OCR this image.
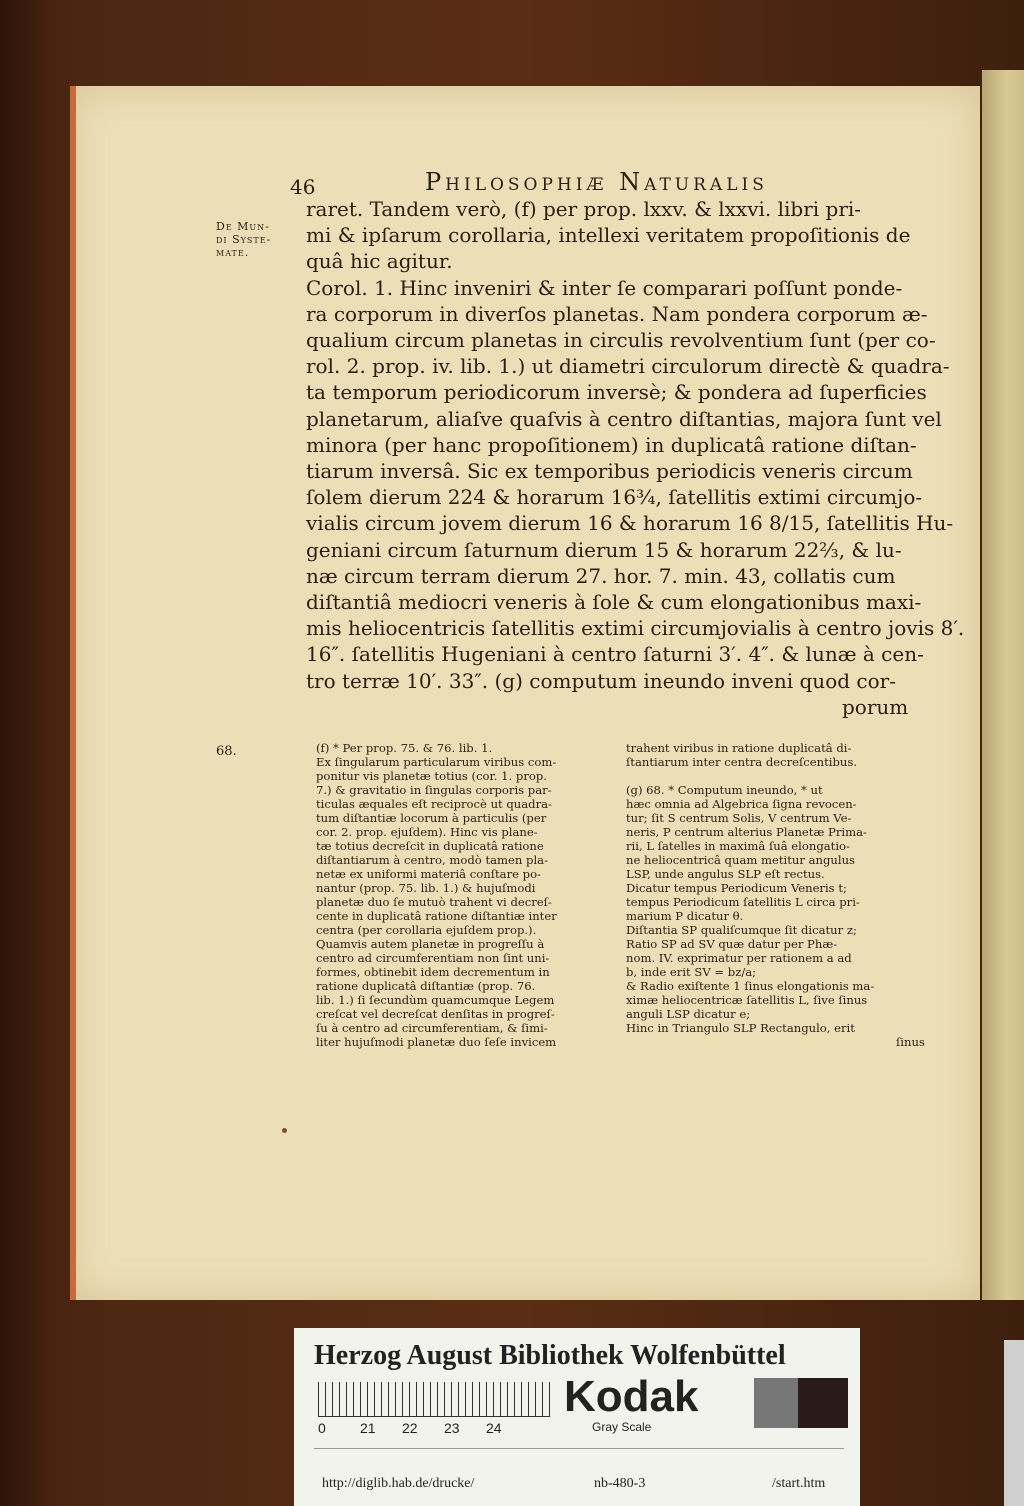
46	Philosophiæ Naturalis
De Mun-
di Syste-
mate.
68.
raret. Tandem verò, (f) per prop. lxxv. & lxxvi. libri pri-
mi & ipſarum corollaria, intellexi veritatem propoſitionis de
quâ hic agitur.
Corol. 1. Hinc inveniri & inter ſe comparari poſſunt ponde-
ra corporum in diverſos planetas. Nam pondera corporum æ-
qualium circum planetas in circulis revolventium ſunt (per co-
rol. 2. prop. iv. lib. 1.) ut diametri circulorum directè & quadra-
ta temporum periodicorum inversè; & pondera ad ſuperficies
planetarum, aliaſve quaſvis à centro diſtantias, majora ſunt vel
minora (per hanc propoſitionem) in duplicatâ ratione diſtan-
tiarum inversâ. Sic ex temporibus periodicis veneris circum
ſolem dierum 224 & horarum 16¾, ſatellitis extimi circumjo-
vialis circum jovem dierum 16 & horarum 16 8/15, ſatellitis Hu-
geniani circum ſaturnum dierum 15 & horarum 22⅔, & lu-
næ circum terram dierum 27. hor. 7. min. 43, collatis cum
diſtantiâ mediocri veneris à ſole & cum elongationibus maxi-
mis heliocentricis ſatellitis extimi circumjovialis à centro jovis 8′.
16″. ſatellitis Hugeniani à centro ſaturni 3′. 4″. & lunæ à cen-
tro terræ 10′. 33″. (g) computum ineundo inveni quod cor-
porum
(f) * Per prop. 75. & 76. lib. 1.
Ex ſingularum particularum viribus com-
ponitur vis planetæ totius (cor. 1. prop.
7.) & gravitatio in ſingulas corporis par-
ticulas æquales eſt reciprocè ut quadra-
tum diſtantiæ locorum à particulis (per
cor. 2. prop. ejuſdem). Hinc vis plane-
tæ totius decreſcit in duplicatâ ratione
diſtantiarum à centro, modò tamen pla-
netæ ex uniformi materiâ conſtare po-
nantur (prop. 75. lib. 1.) & hujuſmodi
planetæ duo ſe mutuò trahent vi decreſ-
cente in duplicatâ ratione diſtantiæ inter
centra (per corollaria ejuſdem prop.).
Quamvis autem planetæ in progreſſu à
centro ad circumferentiam non ſint uni-
formes, obtinebit idem decrementum in
ratione duplicatâ diſtantiæ (prop. 76.
lib. 1.) ſi ſecundùm quamcumque Legem
creſcat vel decreſcat denſitas in progreſ-
ſu à centro ad circumferentiam, & ſimi-
liter hujuſmodi planetæ duo ſeſe invicem
trahent viribus in ratione duplicatâ di-
ſtantiarum inter centra decreſcentibus.
(g) 68. * Computum ineundo, * ut
hæc omnia ad Algebrica ſigna revocen-
tur; ſit S centrum Solis, V centrum Ve-
neris, P centrum alterius Planetæ Prima-
rii, L ſatelles in maximâ ſuâ elongatio-
ne heliocentricâ quam metitur angulus
LSP, unde angulus SLP eſt rectus.
Dicatur tempus Periodicum Veneris t;
tempus Periodicum ſatellitis L circa pri-
marium P dicatur θ.
Diſtantia SP qualiſcumque ſit dicatur z;
Ratio SP ad SV quæ datur per Phæ-
nom. IV. exprimatur per rationem a ad
b, inde erit SV = bz/a;
& Radio exiſtente 1 ſinus elongationis ma-
ximæ heliocentricæ ſatellitis L, ſive ſinus
anguli LSP dicatur e;
Hinc in Triangulo SLP Rectangulo, erit
ſinus
Herzog August Bibliothek Wolfenbüttel
0 21 22 23 24
Kodak
Gray Scale
http://diglib.hab.de/drucke/	nb-480-3	/start.htm
